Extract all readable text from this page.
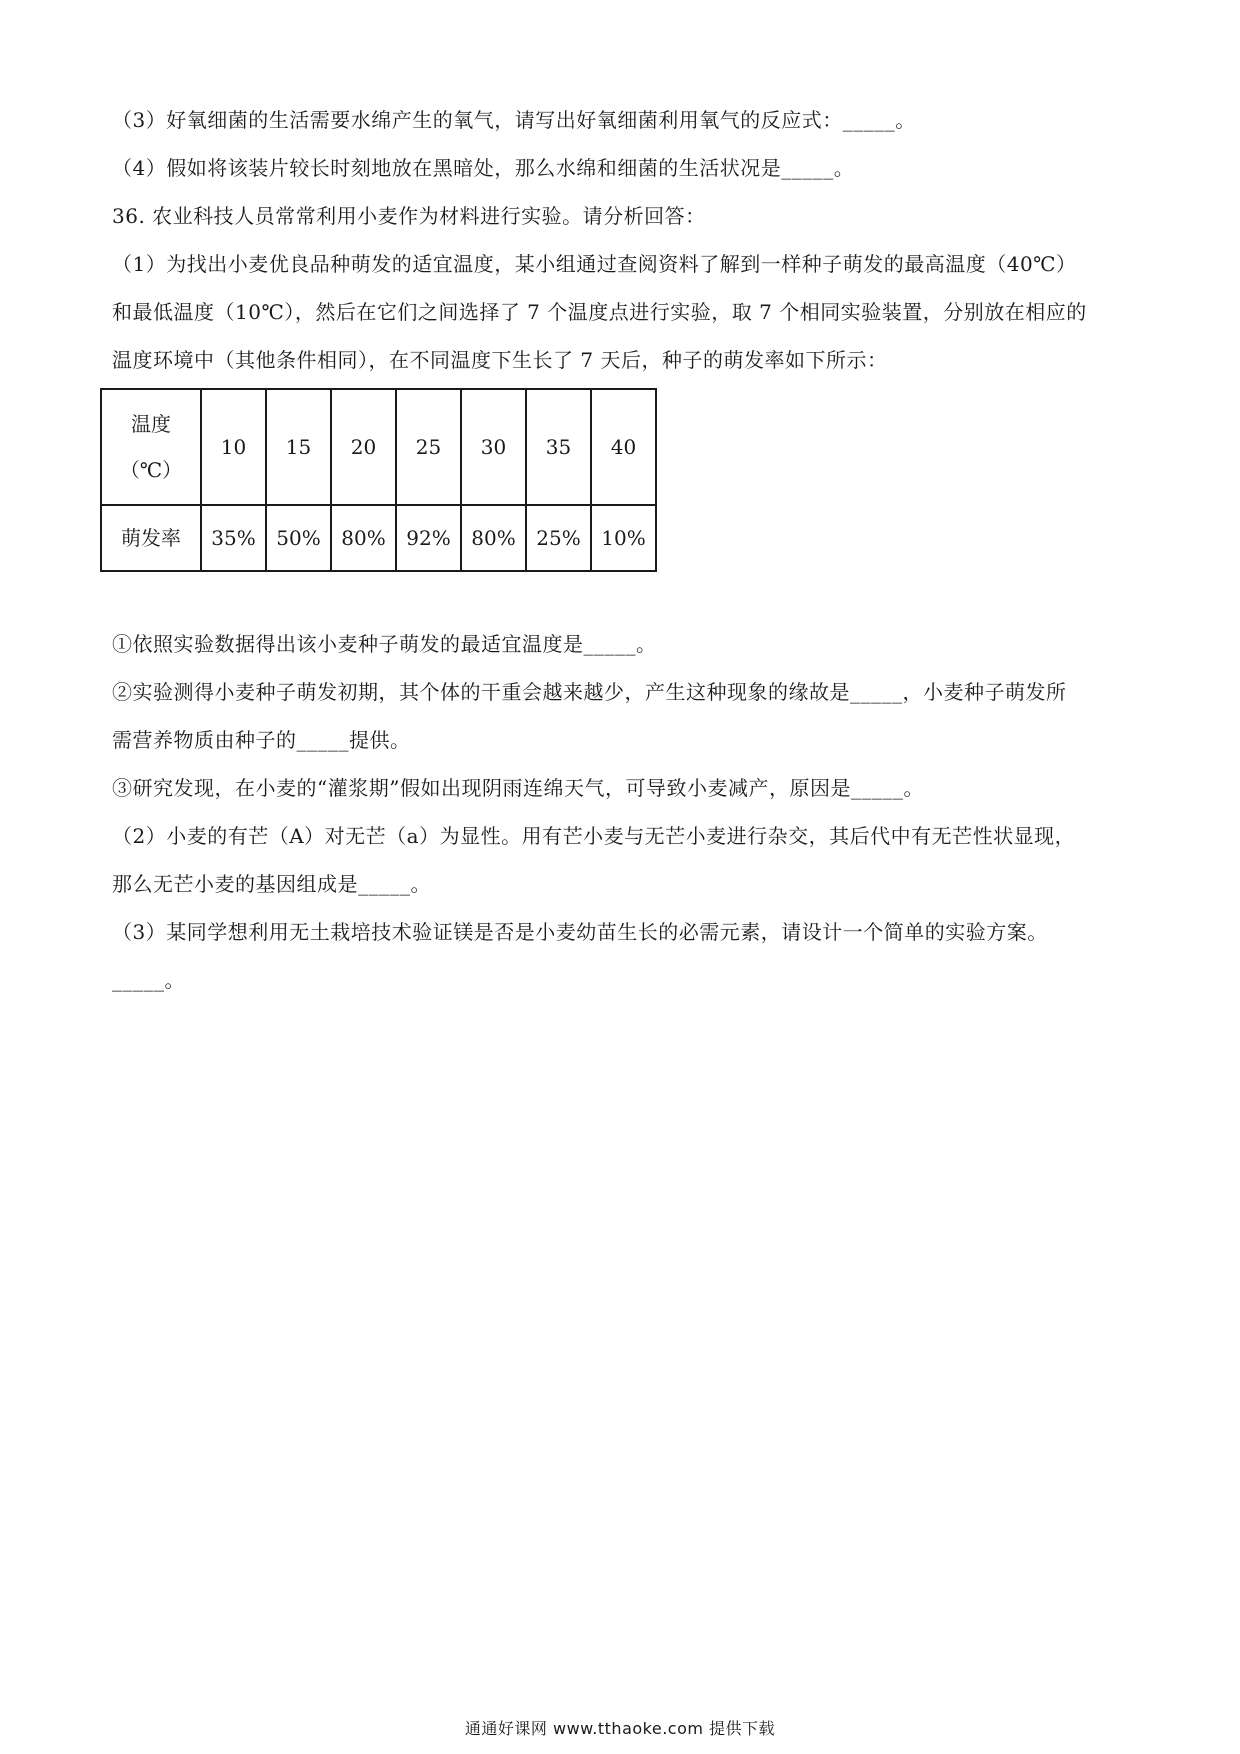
（3）好氧细菌的生活需要水绵产生的氧气，请写出好氧细菌利用氧气的反应式：_____。
（4）假如将该装片较长时刻地放在黑暗处，那么水绵和细菌的生活状况是_____。
36. 农业科技人员常常利用小麦作为材料进行实验。请分析回答：
（1）为找出小麦优良品种萌发的适宜温度，某小组通过查阅资料了解到一样种子萌发的最高温度（40℃）
和最低温度（10℃），然后在它们之间选择了 7 个温度点进行实验，取 7 个相同实验装置，分别放在相应的
温度环境中（其他条件相同），在不同温度下生长了 7 天后，种子的萌发率如下所示：
温度
（℃）	10	15	20	25	30	35	40
萌发率	35%	50%	80%	92%	80%	25%	10%
①依照实验数据得出该小麦种子萌发的最适宜温度是_____。
②实验测得小麦种子萌发初期，其个体的干重会越来越少，产生这种现象的缘故是_____，小麦种子萌发所
需营养物质由种子的_____提供。
③研究发现，在小麦的“灌浆期”假如出现阴雨连绵天气，可导致小麦减产，原因是_____。
（2）小麦的有芒（A）对无芒（a）为显性。用有芒小麦与无芒小麦进行杂交，其后代中有无芒性状显现，
那么无芒小麦的基因组成是_____。
（3）某同学想利用无土栽培技术验证镁是否是小麦幼苗生长的必需元素，请设计一个简单的实验方案。
_____。
通通好课网 www.tthaoke.com 提供下载
